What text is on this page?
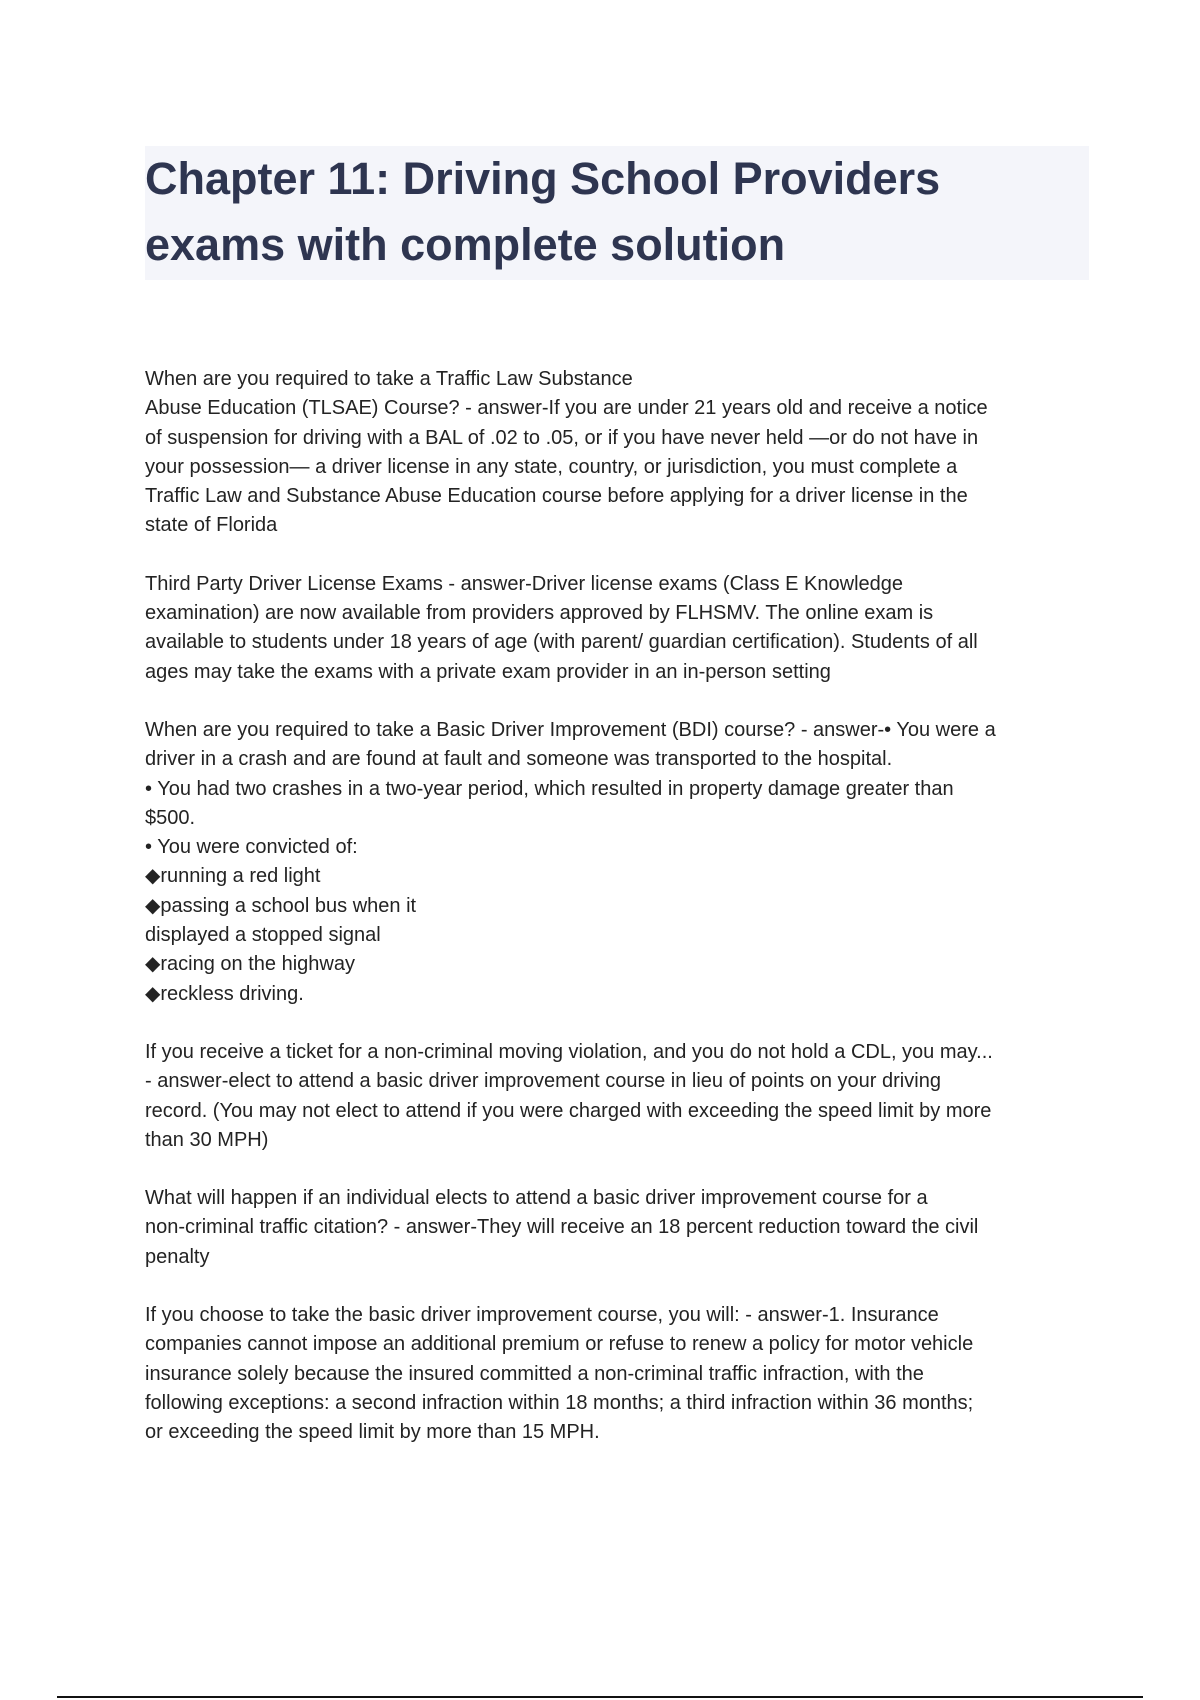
Chapter 11: Driving School Providers
exams with complete solution

When are you required to take a Traffic Law Substance

Abuse Education (TLSAE) Course? - answer-If you are under 21 years old and receive a notice

of suspension for driving with a BAL of .02 to .05, or if you have never held —or do not have in

your possession— a driver license in any state, country, or jurisdiction, you must complete a

Traffic Law and Substance Abuse Education course before applying for a driver license in the

state of Florida

Third Party Driver License Exams - answer-Driver license exams (Class E Knowledge

examination) are now available from providers approved by FLHSMV. The online exam is

available to students under 18 years of age (with parent/ guardian certification). Students of all

ages may take the exams with a private exam provider in an in-person setting

When are you required to take a Basic Driver Improvement (BDI) course? - answer-• You were a

driver in a crash and are found at fault and someone was transported to the hospital.

• You had two crashes in a two-year period, which resulted in property damage greater than

$500.

• You were convicted of:

◆running a red light

◆passing a school bus when it

displayed a stopped signal

◆racing on the highway

◆reckless driving.

If you receive a ticket for a non-criminal moving violation, and you do not hold a CDL, you may...

- answer-elect to attend a basic driver improvement course in lieu of points on your driving

record. (You may not elect to attend if you were charged with exceeding the speed limit by more

than 30 MPH)

What will happen if an individual elects to attend a basic driver improvement course for a

non-criminal traffic citation? - answer-They will receive an 18 percent reduction toward the civil

penalty

If you choose to take the basic driver improvement course, you will: - answer-1. Insurance

companies cannot impose an additional premium or refuse to renew a policy for motor vehicle

insurance solely because the insured committed a non-criminal traffic infraction, with the

following exceptions: a second infraction within 18 months; a third infraction within 36 months;

or exceeding the speed limit by more than 15 MPH.
